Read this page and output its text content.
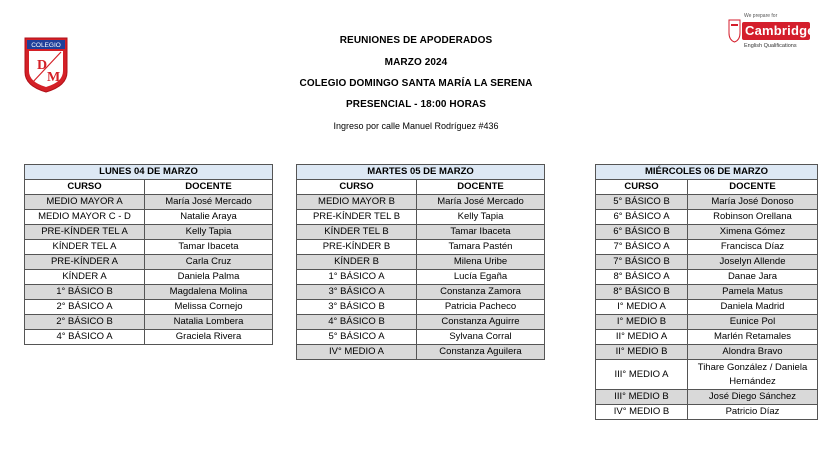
COLEGIO
D
M
We prepare for
Cambridge
English Qualifications
REUNIONES DE APODERADOS
MARZO 2024
COLEGIO DOMINGO SANTA MARÍA LA SERENA
PRESENCIAL - 18:00 HORAS
Ingreso por calle Manuel Rodríguez #436
LUNES 04 DE MARZO	
CURSO	DOCENTE
MEDIO MAYOR A	María José Mercado
MEDIO MAYOR C - D	Natalie Araya
PRE-KÍNDER TEL A	Kelly Tapia
KÍNDER TEL A	Tamar Ibaceta
PRE-KÍNDER A	Carla Cruz
KÍNDER A	Daniela Palma
1° BÁSICO B	Magdalena Molina
2° BÁSICO A	Melissa Cornejo
2° BÁSICO B	Natalia Lombera
4° BÁSICO A	Graciela Rivera
MARTES 05 DE MARZO	
CURSO	DOCENTE
MEDIO MAYOR B	María José Mercado
PRE-KÍNDER TEL B	Kelly Tapia
KÍNDER TEL B	Tamar Ibaceta
PRE-KÍNDER B	Tamara Pastén
KÍNDER B	Milena Uribe
1° BÁSICO A	Lucía Egaña
3° BÁSICO A	Constanza Zamora
3° BÁSICO B	Patricia Pacheco
4° BÁSICO B	Constanza Aguirre
5° BÁSICO A	Sylvana Corral
IV° MEDIO A	Constanza Aguilera
MIÉRCOLES 06 DE MARZO	
CURSO	DOCENTE
5° BÁSICO B	María José Donoso
6° BÁSICO A	Robinson Orellana
6° BÁSICO B	Ximena Gómez
7° BÁSICO A	Francisca Díaz
7° BÁSICO B	Joselyn Allende
8° BÁSICO A	Danae Jara
8° BÁSICO B	Pamela Matus
I° MEDIO A	Daniela Madrid
I° MEDIO B	Eunice Pol
II° MEDIO A	Marlén Retamales
II° MEDIO B	Alondra Bravo
III° MEDIO A	Tihare González / Daniela Hernández
III° MEDIO B	José Diego Sánchez
IV° MEDIO B	Patricio Díaz
